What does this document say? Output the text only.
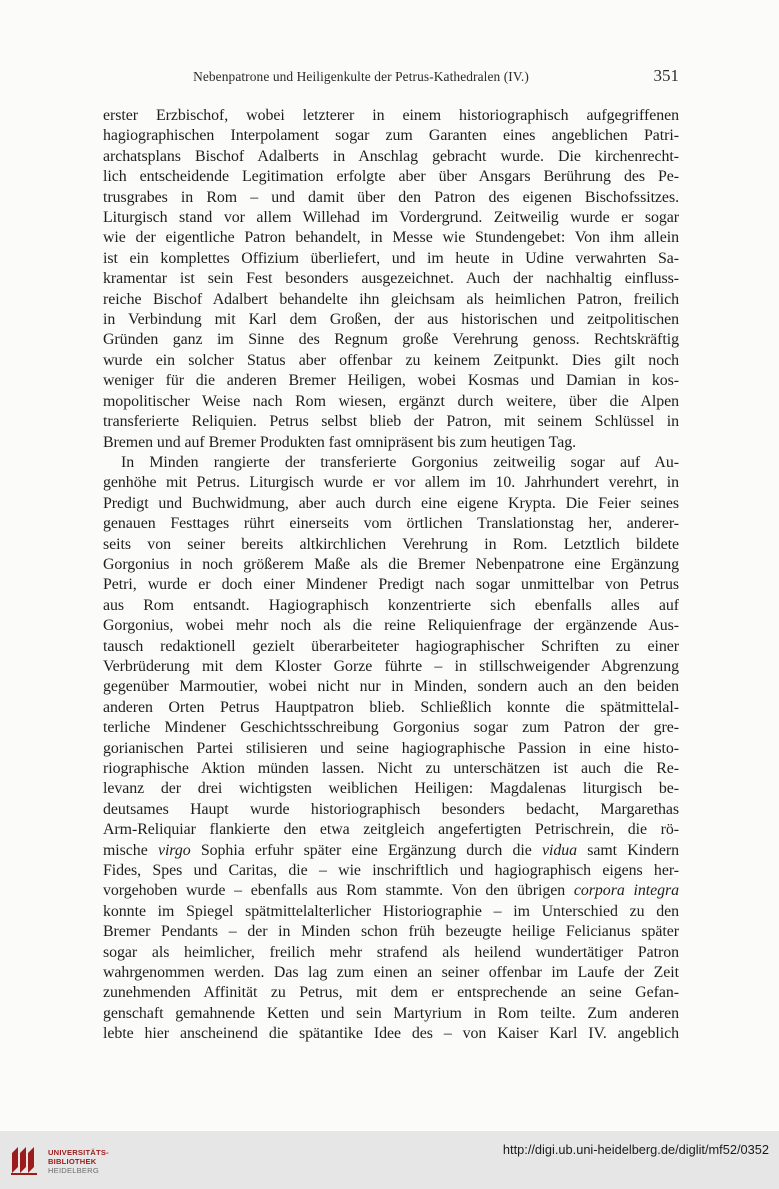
Nebenpatrone und Heiligenkulte der Petrus-Kathedralen (IV.)	351

erster Erzbischof, wobei letzterer in einem historiographisch aufgegriffenen
hagiographischen Interpolament sogar zum Garanten eines angeblichen Patri-
archatsplans Bischof Adalberts in Anschlag gebracht wurde. Die kirchenrecht-
lich entscheidende Legitimation erfolgte aber über Ansgars Berührung des Pe-
trusgrabes in Rom – und damit über den Patron des eigenen Bischofssitzes.
Liturgisch stand vor allem Willehad im Vordergrund. Zeitweilig wurde er sogar
wie der eigentliche Patron behandelt, in Messe wie Stundengebet: Von ihm allein
ist ein komplettes Offizium überliefert, und im heute in Udine verwahrten Sa-
kramentar ist sein Fest besonders ausgezeichnet. Auch der nachhaltig einfluss-
reiche Bischof Adalbert behandelte ihn gleichsam als heimlichen Patron, freilich
in Verbindung mit Karl dem Großen, der aus historischen und zeitpolitischen
Gründen ganz im Sinne des Regnum große Verehrung genoss. Rechtskräftig
wurde ein solcher Status aber offenbar zu keinem Zeitpunkt. Dies gilt noch
weniger für die anderen Bremer Heiligen, wobei Kosmas und Damian in kos-
mopolitischer Weise nach Rom wiesen, ergänzt durch weitere, über die Alpen
transferierte Reliquien. Petrus selbst blieb der Patron, mit seinem Schlüssel in
Bremen und auf Bremer Produkten fast omnipräsent bis zum heutigen Tag.

In Minden rangierte der transferierte Gorgonius zeitweilig sogar auf Au-
genhöhe mit Petrus. Liturgisch wurde er vor allem im 10. Jahrhundert verehrt, in
Predigt und Buchwidmung, aber auch durch eine eigene Krypta. Die Feier seines
genauen Festtages rührt einerseits vom örtlichen Translationstag her, anderer-
seits von seiner bereits altkirchlichen Verehrung in Rom. Letztlich bildete
Gorgonius in noch größerem Maße als die Bremer Nebenpatrone eine Ergänzung
Petri, wurde er doch einer Mindener Predigt nach sogar unmittelbar von Petrus
aus Rom entsandt. Hagiographisch konzentrierte sich ebenfalls alles auf
Gorgonius, wobei mehr noch als die reine Reliquienfrage der ergänzende Aus-
tausch redaktionell gezielt überarbeiteter hagiographischer Schriften zu einer
Verbrüderung mit dem Kloster Gorze führte – in stillschweigender Abgrenzung
gegenüber Marmoutier, wobei nicht nur in Minden, sondern auch an den beiden
anderen Orten Petrus Hauptpatron blieb. Schließlich konnte die spätmittelal-
terliche Mindener Geschichtsschreibung Gorgonius sogar zum Patron der gre-
gorianischen Partei stilisieren und seine hagiographische Passion in eine histo-
riographische Aktion münden lassen. Nicht zu unterschätzen ist auch die Re-
levanz der drei wichtigsten weiblichen Heiligen: Magdalenas liturgisch be-
deutsames Haupt wurde historiographisch besonders bedacht, Margarethas
Arm-Reliquiar flankierte den etwa zeitgleich angefertigten Petrischrein, die rö-
mische virgo Sophia erfuhr später eine Ergänzung durch die vidua samt Kindern
Fides, Spes und Caritas, die – wie inschriftlich und hagiographisch eigens her-
vorgehoben wurde – ebenfalls aus Rom stammte. Von den übrigen corpora integra
konnte im Spiegel spätmittelalterlicher Historiographie – im Unterschied zu den
Bremer Pendants – der in Minden schon früh bezeugte heilige Felicianus später
sogar als heimlicher, freilich mehr strafend als heilend wundertätiger Patron
wahrgenommen werden. Das lag zum einen an seiner offenbar im Laufe der Zeit
zunehmenden Affinität zu Petrus, mit dem er entsprechende an seine Gefan-
genschaft gemahnende Ketten und sein Martyrium in Rom teilte. Zum anderen
lebte hier anscheinend die spätantike Idee des – von Kaiser Karl IV. angeblich

UNIVERSITÄTS-
BIBLIOTHEK
HEIDELBERG
http://digi.ub.uni-heidelberg.de/diglit/mf52/0352
